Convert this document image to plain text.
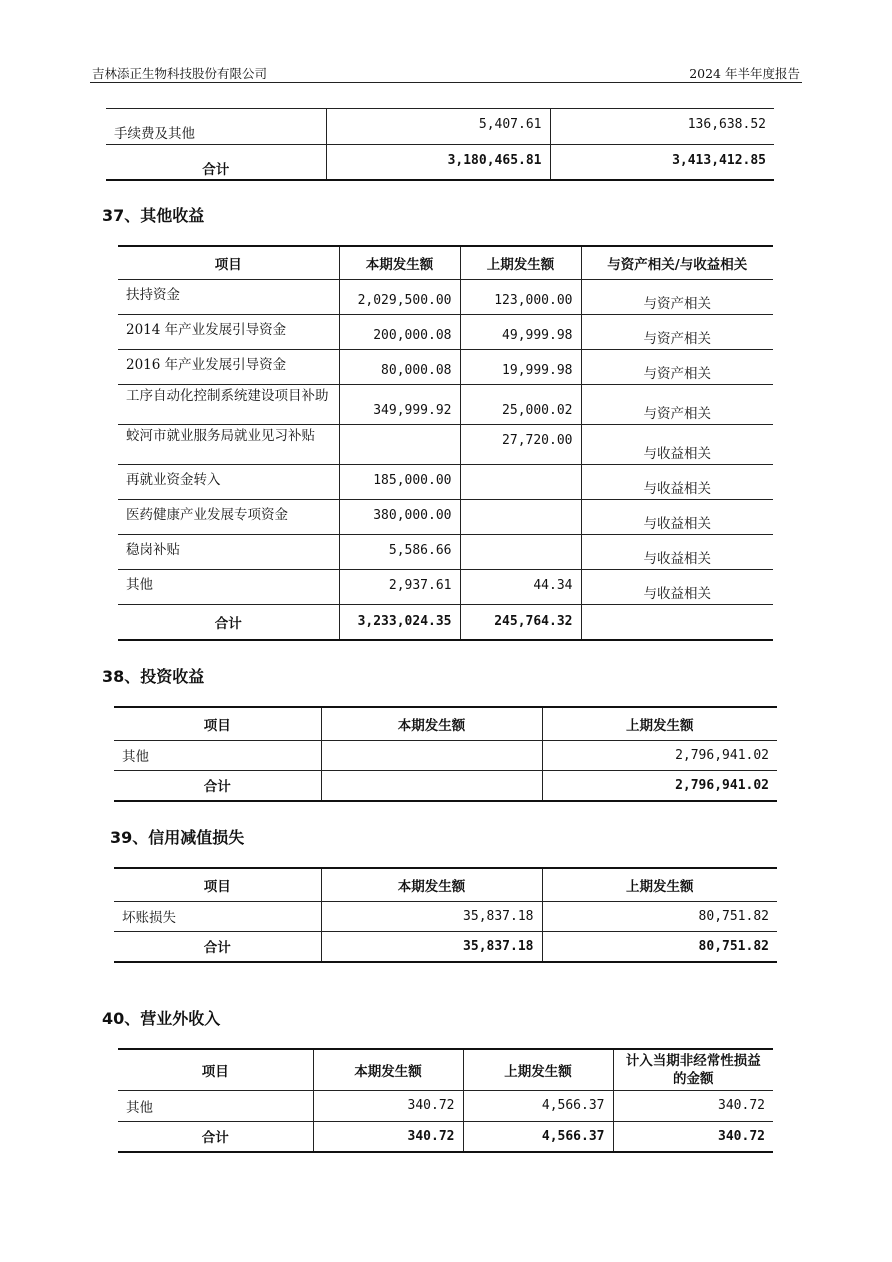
吉林添正生物科技股份有限公司	2024 年半年度报告
手续费及其他	5,407.61	136,638.52
合计	3,180,465.81	3,413,412.85
37、其他收益
项目	本期发生额	上期发生额	与资产相关/与收益相关
扶持资金	2,029,500.00	123,000.00	与资产相关
2014 年产业发展引导资金	200,000.08	49,999.98	与资产相关
2016 年产业发展引导资金	80,000.08	19,999.98	与资产相关
工序自动化控制系统建设项目补助	349,999.92	25,000.02	与资产相关
蛟河市就业服务局就业见习补贴		27,720.00	与收益相关
再就业资金转入	185,000.00		与收益相关
医药健康产业发展专项资金	380,000.00		与收益相关
稳岗补贴	5,586.66		与收益相关
其他	2,937.61	44.34	与收益相关
合计	3,233,024.35	245,764.32	
38、投资收益
项目	本期发生额	上期发生额
其他		2,796,941.02
合计		2,796,941.02
39、信用减值损失
项目	本期发生额	上期发生额
坏账损失	35,837.18	80,751.82
合计	35,837.18	80,751.82
40、营业外收入
项目	本期发生额	上期发生额	计入当期非经常性损益的金额
其他	340.72	4,566.37	340.72
合计	340.72	4,566.37	340.72
